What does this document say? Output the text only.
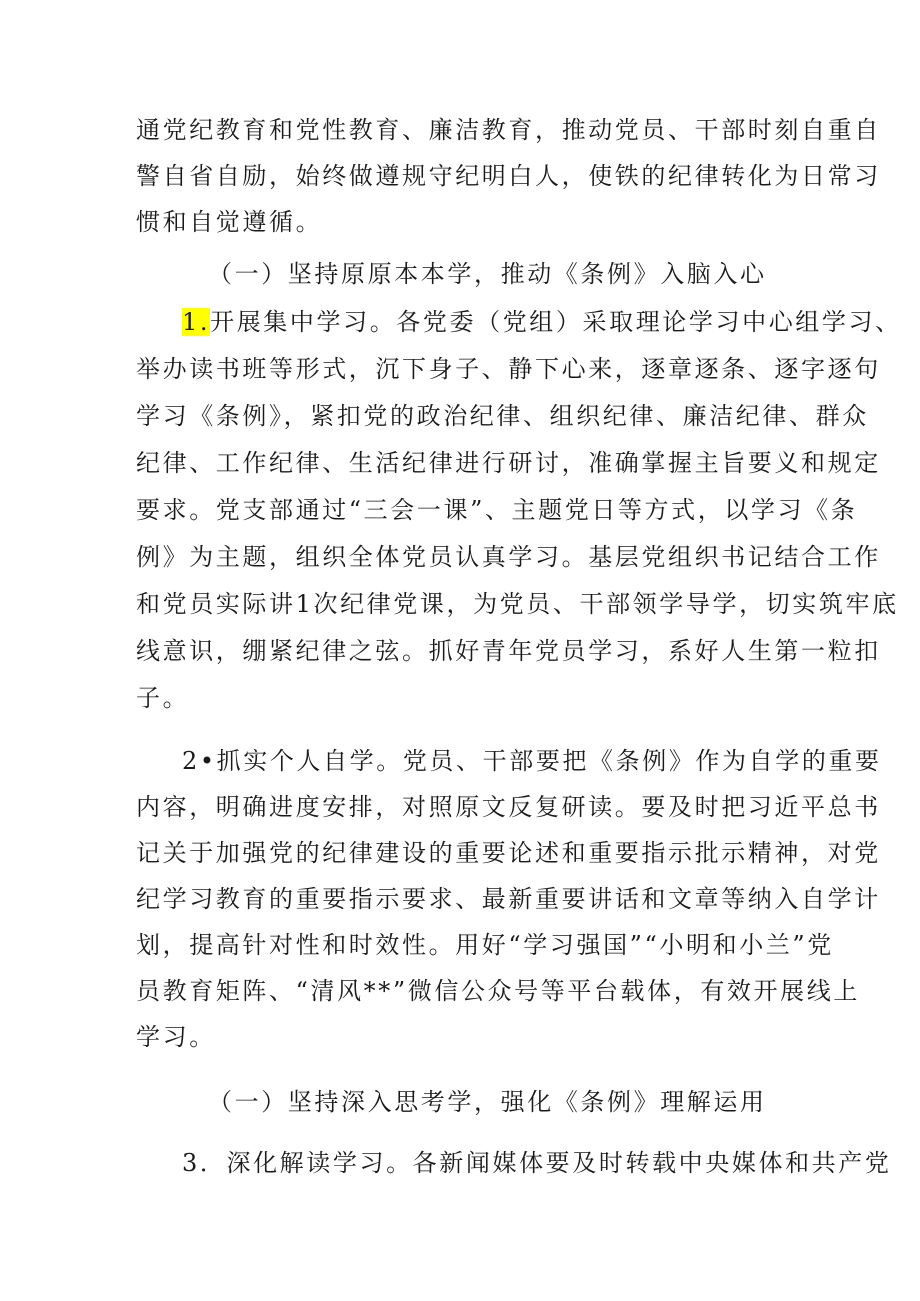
通党纪教育和党性教育、廉洁教育，推动党员、干部时刻自重自
警自省自励，始终做遵规守纪明白人，使铁的纪律转化为日常习
惯和自觉遵循。
（一）坚持原原本本学，推动《条例》入脑入心
1.开展集中学习。各党委（党组）采取理论学习中心组学习、
举办读书班等形式，沉下身子、静下心来，逐章逐条、逐字逐句
学习《条例》，紧扣党的政治纪律、组织纪律、廉洁纪律、群众
纪律、工作纪律、生活纪律进行研讨，准确掌握主旨要义和规定
要求。党支部通过“三会一课”、主题党日等方式，以学习《条
例》为主题，组织全体党员认真学习。基层党组织书记结合工作
和党员实际讲1次纪律党课，为党员、干部领学导学，切实筑牢底
线意识，绷紧纪律之弦。抓好青年党员学习，系好人生第一粒扣
子。
2•抓实个人自学。党员、干部要把《条例》作为自学的重要
内容，明确进度安排，对照原文反复研读。要及时把习近平总书
记关于加强党的纪律建设的重要论述和重要指示批示精神，对党
纪学习教育的重要指示要求、最新重要讲话和文章等纳入自学计
划，提高针对性和时效性。用好“学习强国”“小明和小兰”党
员教育矩阵、“清风**”微信公众号等平台载体，有效开展线上
学习。
（一）坚持深入思考学，强化《条例》理解运用
3．深化解读学习。各新闻媒体要及时转载中央媒体和共产党
